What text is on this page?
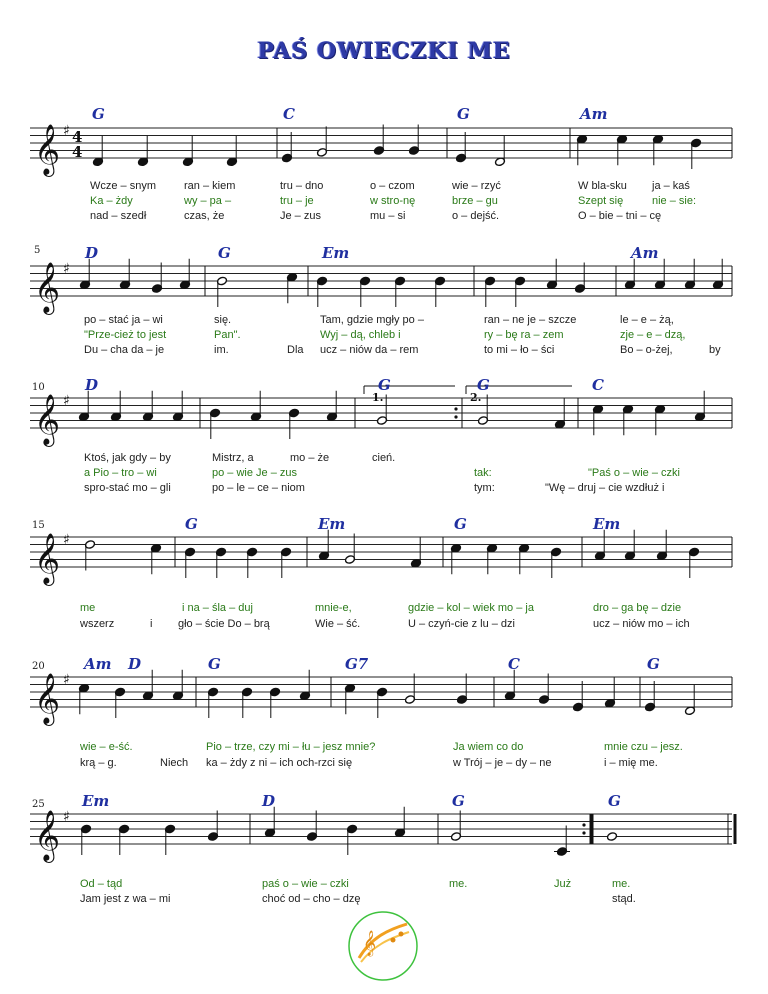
PAŚ OWIECZKI ME
𝄞 ♯ 4
4
𝄞 ♯
𝄞 ♯
𝄞 ♯
𝄞 ♯
𝄞 ♯
G	C	G	Am
Wcze – snym	ran – kiem	tru – dno	o – czom	wie – rzyć	W bla-sku ja – kaś
Ka – żdy	wy – pa –	tru – je	w stro-nę	brze – gu	Szept się	nie – sie:
nad – szedł	czas, że	Je – zus	mu – si	o – dejść.	O – bie – tni – cę
5	D	G	Em	Am
po – stać ja – wi	się.	Tam, gdzie mgły po –	ran – ne je – szcze	le – e – żą,
"Prze-cież to jest	Pan".	Wyj – dą, chleb i	ry – bę ra – zem	zje – e – dzą,
Du – cha da – je	im.	Dla ucz – niów da – rem	to mi – ło – ści	Bo – o-żej,	by
10	D	G	G	C
1.	2.
Ktoś, jak gdy – by	Mistrz, a	mo – że	cień.
a Pio – tro – wi	po – wie Je – zus	tak:	"Paś o – wie – czki
spro-stać mo – gli	po – le – ce – niom	tym:	"Wę – druj – cie wzdłuż i
15	G	Em	G	Em
me	i na – śla – duj	mnie-e,	gdzie – kol – wiek mo – ja	dro – ga bę – dzie
wszerz	i gło – ście Do – brą	Wie – ść.	U – czyń-cie z lu – dzi	ucz – niów mo – ich
20	Am D	G	G7	C	G
wie – e-ść.	Pio – trze, czy mi – łu – jesz mnie?	Ja wiem co do	mnie czu – jesz.
krą – g.	Niech ka – żdy z ni – ich och-rzci się	w Trój – je – dy – ne	i – mię me.
25 Em	D	G	G
Od – tąd	paś o – wie – czki	me.	Już	me.
Jam jest z wa – mi	choć od – cho – dzę	stąd.
𝄞
